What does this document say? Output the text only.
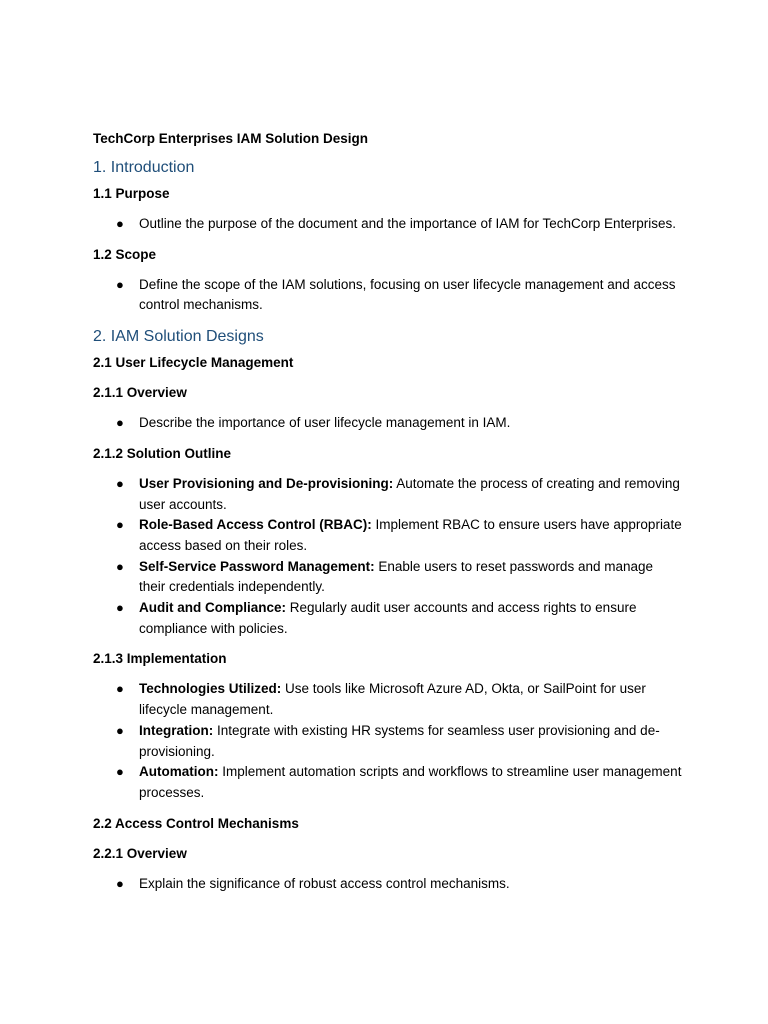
TechCorp Enterprises IAM Solution Design
1. Introduction
1.1 Purpose
● Outline the purpose of the document and the importance of IAM for TechCorp Enterprises.
1.2 Scope
● Define the scope of the IAM solutions, focusing on user lifecycle management and access control mechanisms.
2. IAM Solution Designs
2.1 User Lifecycle Management
2.1.1 Overview
● Describe the importance of user lifecycle management in IAM.
2.1.2 Solution Outline
● User Provisioning and De-provisioning: Automate the process of creating and removing user accounts.
● Role-Based Access Control (RBAC): Implement RBAC to ensure users have appropriate access based on their roles.
● Self-Service Password Management: Enable users to reset passwords and manage their credentials independently.
● Audit and Compliance: Regularly audit user accounts and access rights to ensure compliance with policies.
2.1.3 Implementation
● Technologies Utilized: Use tools like Microsoft Azure AD, Okta, or SailPoint for user lifecycle management.
● Integration: Integrate with existing HR systems for seamless user provisioning and de-provisioning.
● Automation: Implement automation scripts and workflows to streamline user management processes.
2.2 Access Control Mechanisms
2.2.1 Overview
● Explain the significance of robust access control mechanisms.
